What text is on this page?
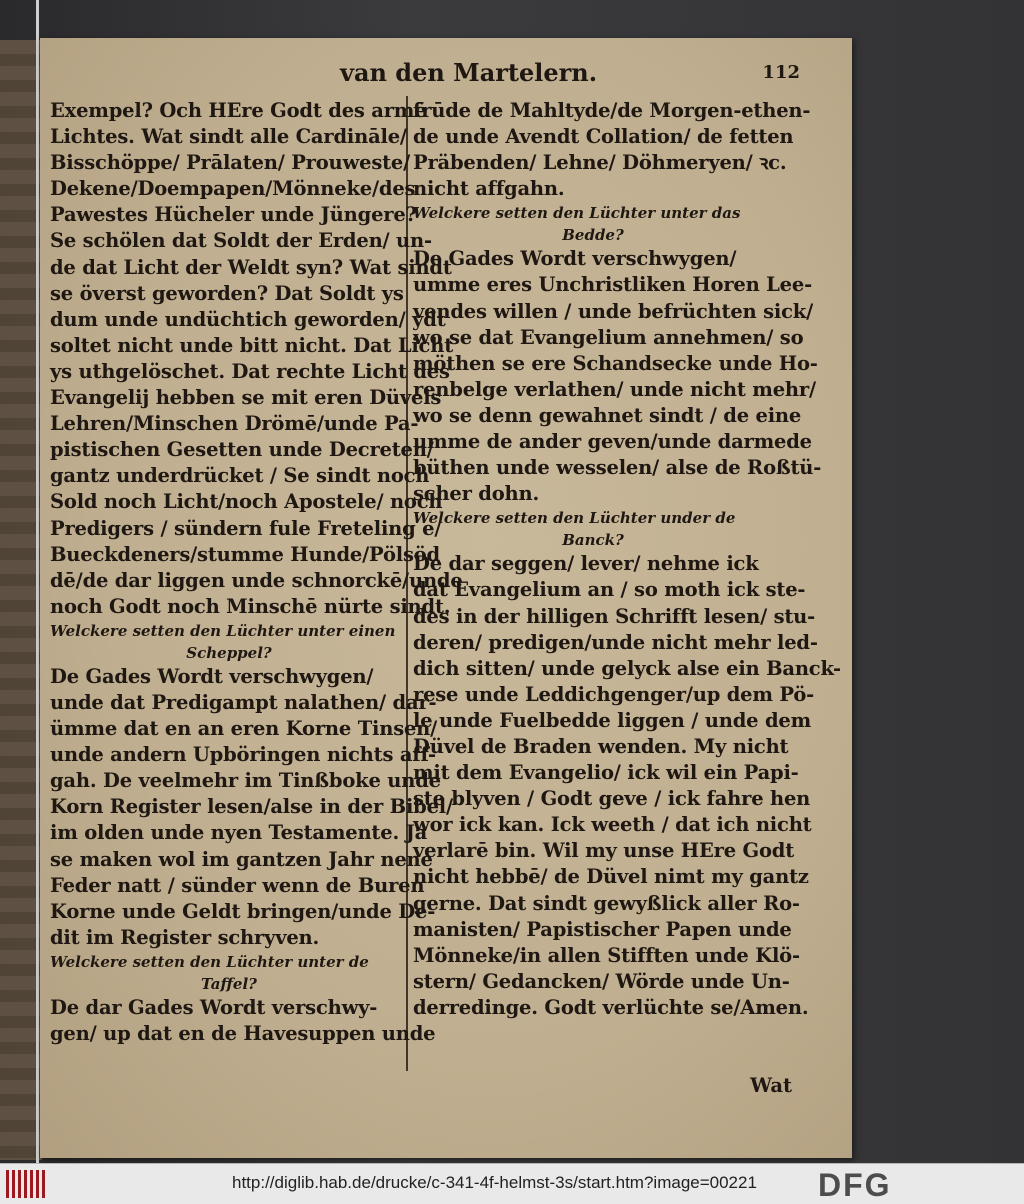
van den Martelern.	112
Exempel? Och HEre Godt des armē
Lichtes. Wat sindt alle Cardināle/
Bisschöppe/ Prālaten/ Prouweste/
Dekene/Doempapen/Mönneke/des
Pawestes Hücheler unde Jüngere?
Se schölen dat Soldt der Erden/ un-
de dat Licht der Weldt syn? Wat sindt
se överst geworden? Dat Soldt ys
dum unde undüchtich geworden/ ydt
soltet nicht unde bitt nicht. Dat Licht
ys uthgelöschet. Dat rechte Licht des
Evangelij hebben se mit eren Düvels
Lehren/Minschen Drömē/unde Pa-
pistischen Gesetten unde Decreten/
gantz underdrücket / Se sindt noch
Sold noch Licht/noch Apostele/ noch
Predigers / sündern fule Freteling e/
Bueckdeners/stumme Hunde/Pölsöd
dē/de dar liggen unde schnorckē/unde
noch Godt noch Minschē nürte sindt.
Welckere setten den Lüchter unter einen
Scheppel?
De Gades Wordt verschwygen/
unde dat Predigampt nalathen/ dar-
ümme dat en an eren Korne Tinsen/
unde andern Upböringen nichts aff-
gah. De veelmehr im Tinßboke unde
Korn Register lesen/alse in der Bibel/
im olden unde nyen Testamente. Ja
se maken wol im gantzen Jahr nene
Feder natt / sünder wenn de Buren
Korne unde Geldt bringen/unde De-
dit im Register schryven.
Welckere setten den Lüchter unter de
Taffel?
De dar Gades Wordt verschwy-
gen/ up dat en de Havesuppen unde
frūde de Mahltyde/de Morgen-ethen-
de unde Avendt Collation/ de fetten
Präbenden/ Lehne/ Döhmeryen/ ꝛc.
nicht affgahn.
Welckere setten den Lüchter unter das
Bedde?
De Gades Wordt verschwygen/
umme eres Unchristliken Horen Lee-
vendes willen / unde befrüchten sick/
wo se dat Evangelium annehmen/ so
möthen se ere Schandsecke unde Ho-
renbelge verlathen/ unde nicht mehr/
wo se denn gewahnet sindt / de eine
umme de ander geven/unde darmede
büthen unde wesselen/ alse de Roßtü-
scher dohn.
Welckere setten den Lüchter under de
Banck?
De dar seggen/ lever/ nehme ick
dat Evangelium an / so moth ick ste-
des in der hilligen Schrifft lesen/ stu-
deren/ predigen/unde nicht mehr led-
dich sitten/ unde gelyck alse ein Banck-
rese unde Leddichgenger/up dem Pö-
le unde Fuelbedde liggen / unde dem
Düvel de Braden wenden. My nicht
mit dem Evangelio/ ick wil ein Papi-
ste blyven / Godt geve / ick fahre hen
wor ick kan. Ick weeth / dat ich nicht
verlarē bin. Wil my unse HEre Godt
nicht hebbē/ de Düvel nimt my gantz
gerne. Dat sindt gewyßlick aller Ro-
manisten/ Papistischer Papen unde
Mönneke/in allen Stifften unde Klö-
stern/ Gedancken/ Wörde unde Un-
derredinge. Godt verlüchte se/Amen.
Wat
http://diglib.hab.de/drucke/c-341-4f-helmst-3s/start.htm?image=00221 DFG
